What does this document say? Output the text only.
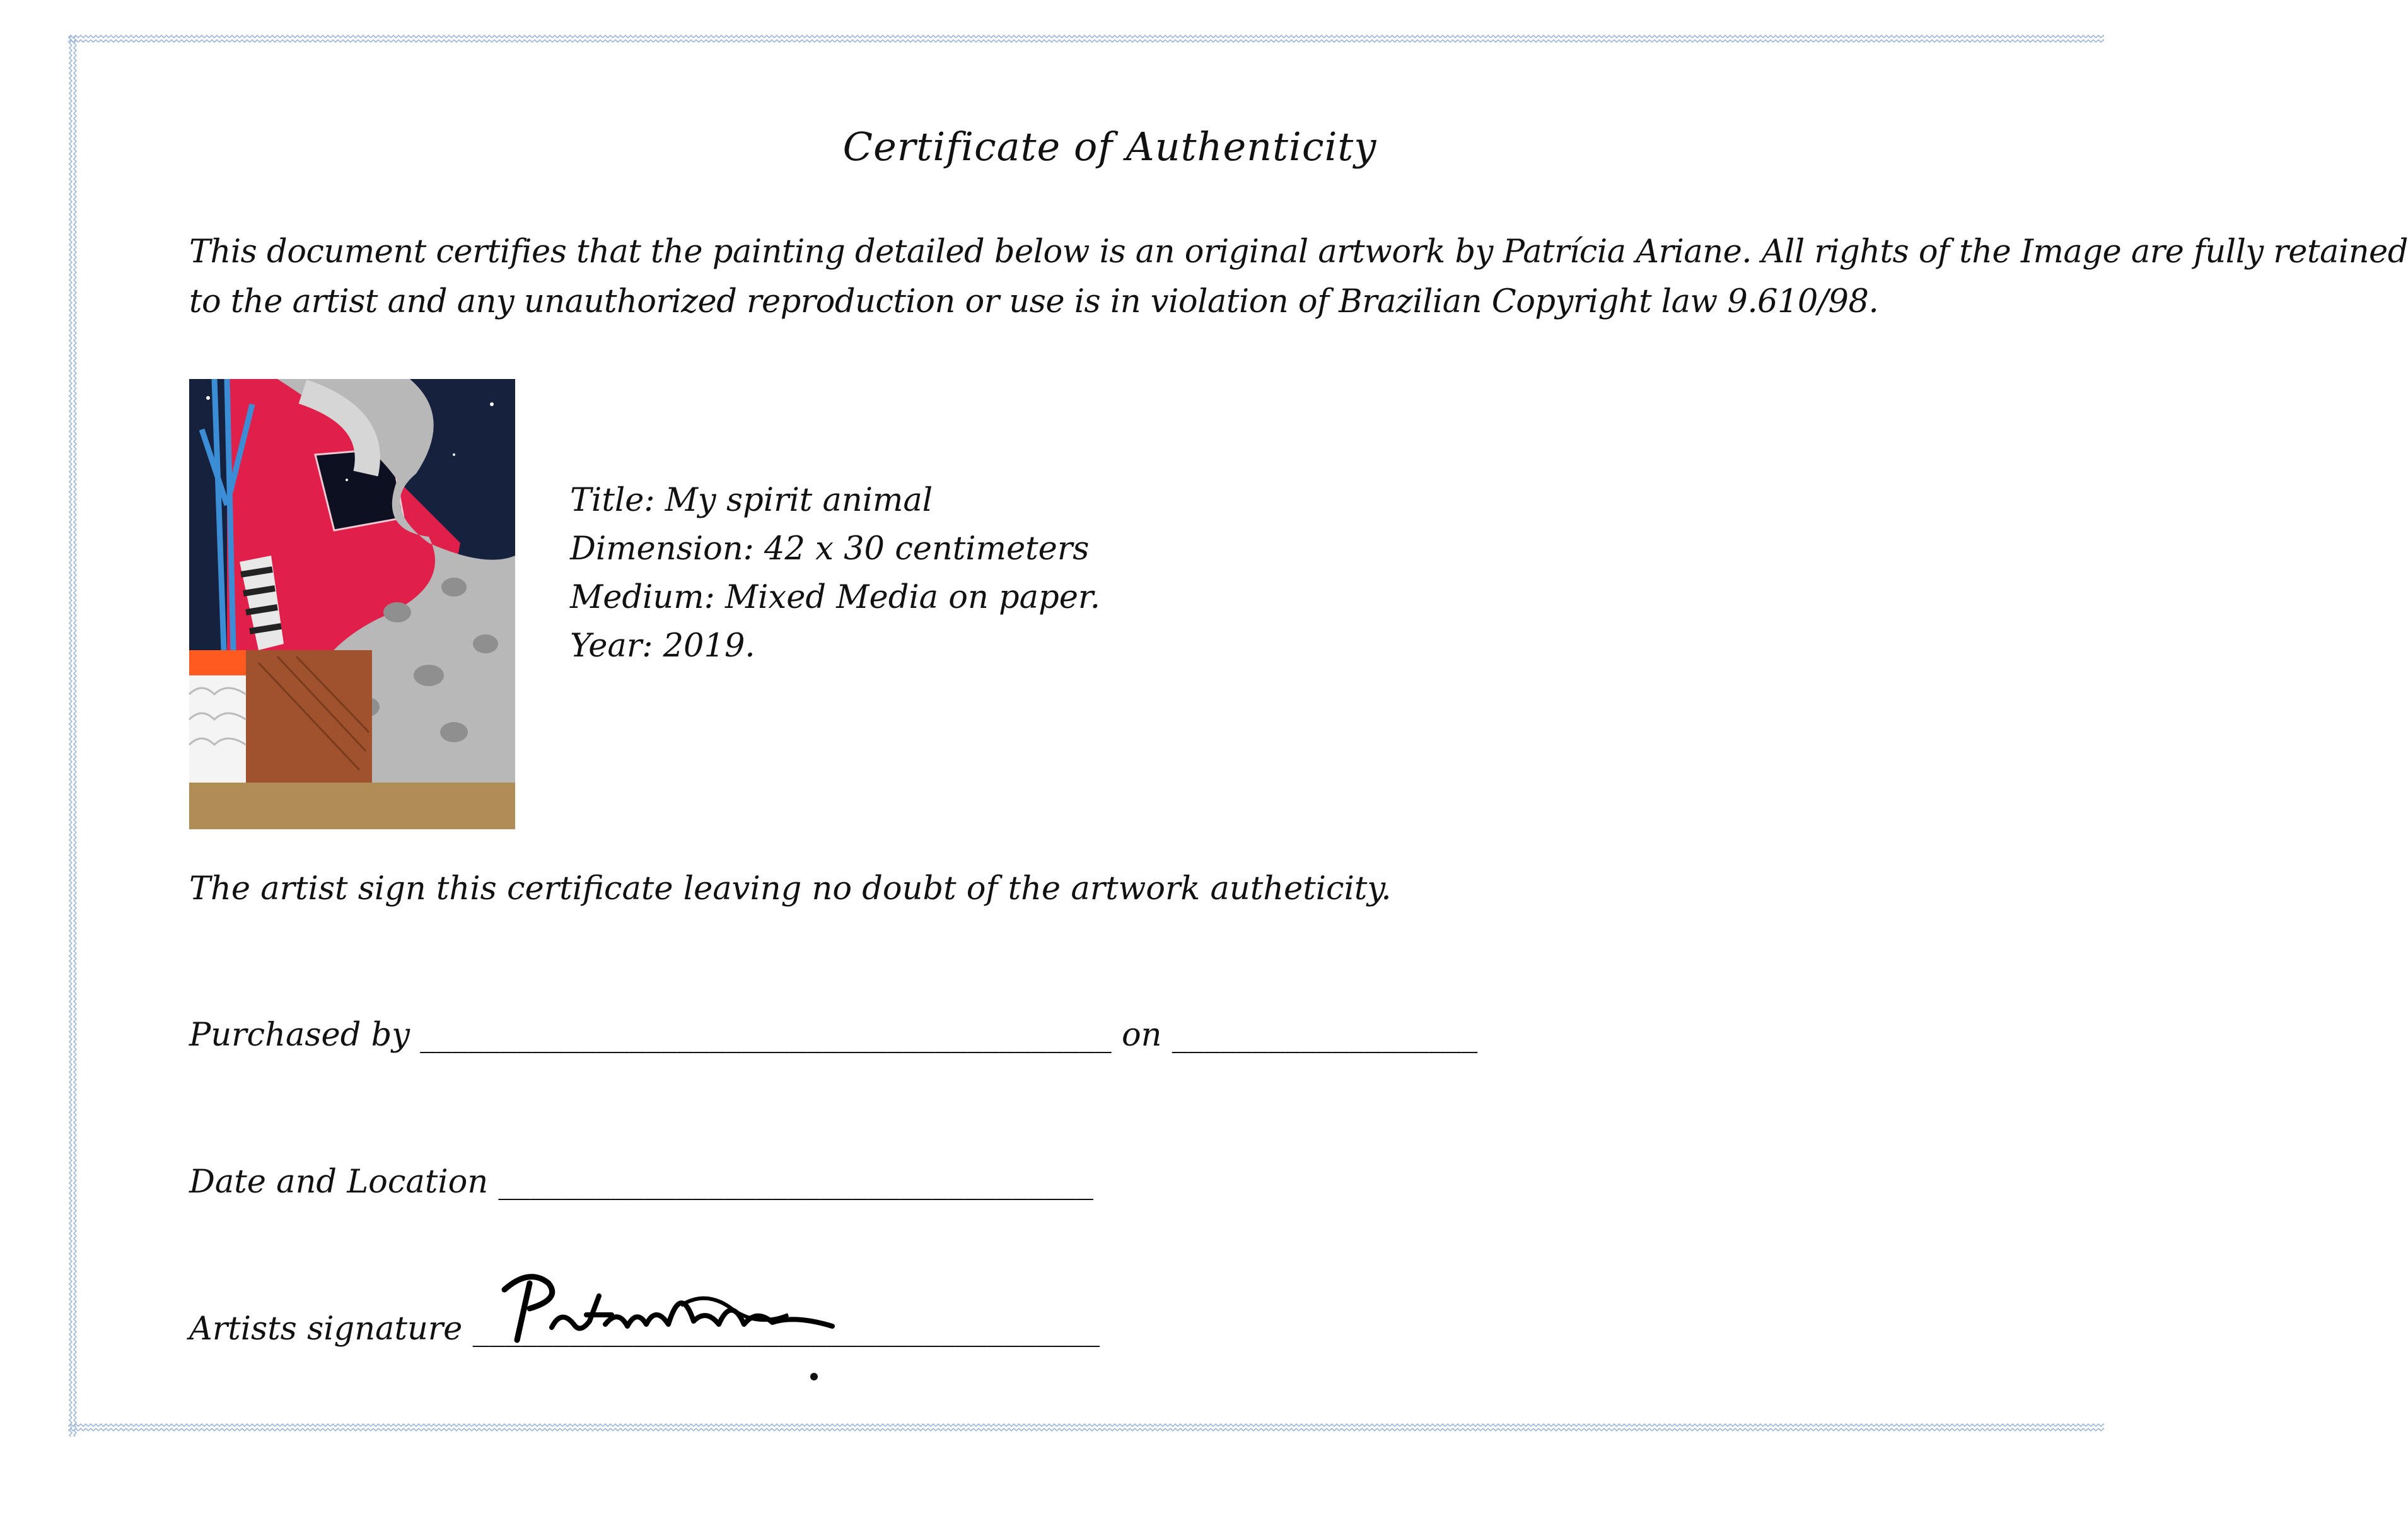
Certificate of Authenticity
This document certifies that the painting detailed below is an original artwork by Patrícia Ariane. All rights of the Image are fully retained
to the artist and any unauthorized reproduction or use is in violation of Brazilian Copyright law 9.610/98.
Title: My spirit animal
Dimension: 42 x 30 centimeters
Medium: Mixed Media on paper.
Year: 2019.
The artist sign this certificate leaving no doubt of the artwork autheticity.
Purchased by ___________________________________________ on ___________________
Date and Location _____________________________________
Artists signature _______________________________________
